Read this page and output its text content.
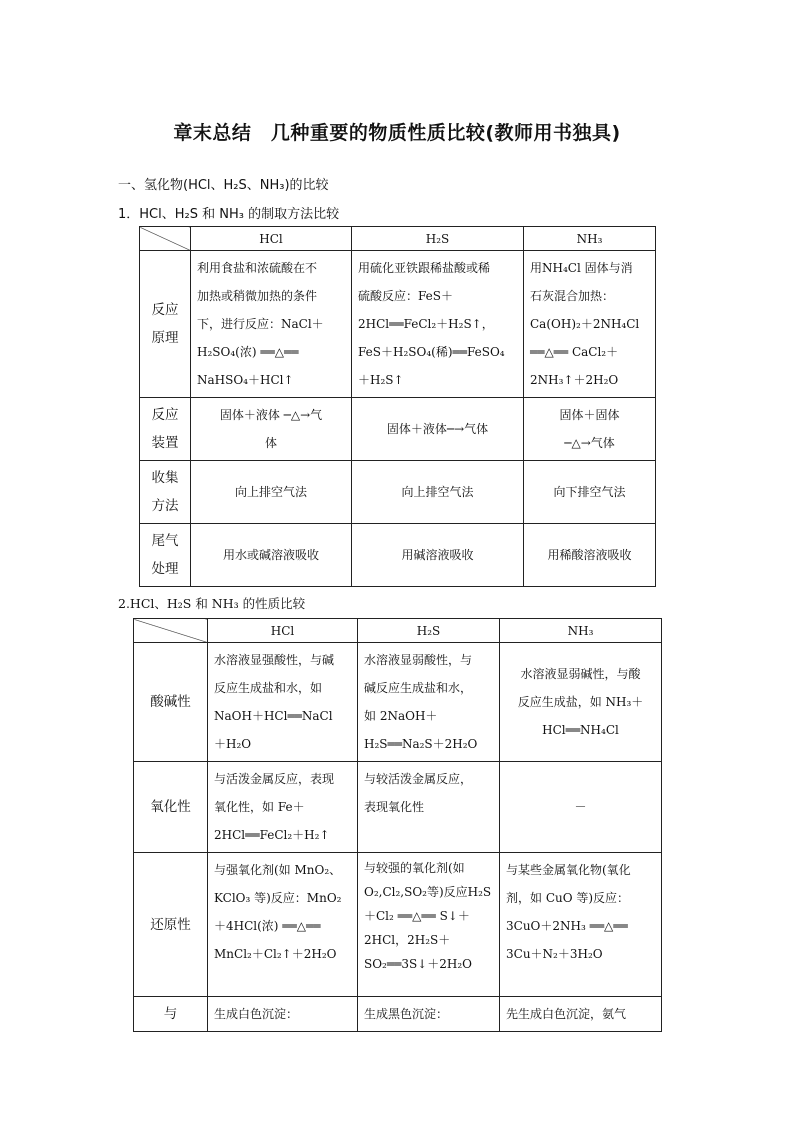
章末总结　几种重要的物质性质比较(教师用书独具)
一、氢化物(HCl、H₂S、NH₃)的比较
1．HCl、H₂S 和 NH₃ 的制取方法比较
	HCl	H₂S	NH₃
反应
原理	利用食盐和浓硫酸在不
加热或稍微加热的条件
下，进行反应：NaCl＋
H₂SO₄(浓) ══△══
NaHSO₄＋HCl↑	用硫化亚铁跟稀盐酸或稀
硫酸反应：FeS＋
2HCl══FeCl₂＋H₂S↑，
FeS＋H₂SO₄(稀)══FeSO₄
＋H₂S↑	用NH₄Cl 固体与消
石灰混合加热：
Ca(OH)₂＋2NH₄Cl
══△══ CaCl₂＋
2NH₃↑＋2H₂O
反应
装置	固体＋液体 ─△→气
体	固体＋液体─→气体	固体＋固体
─△→气体
收集
方法	向上排空气法	向上排空气法	向下排空气法
尾气
处理	用水或碱溶液吸收	用碱溶液吸收	用稀酸溶液吸收
2.HCl、H₂S 和 NH₃ 的性质比较
	HCl	H₂S	NH₃
酸碱性	水溶液显强酸性，与碱
反应生成盐和水，如
NaOH＋HCl══NaCl
＋H₂O	水溶液显弱酸性，与
碱反应生成盐和水，
如 2NaOH＋
H₂S══Na₂S＋2H₂O	水溶液显弱碱性，与酸
反应生成盐，如 NH₃＋
HCl══NH₄Cl
氧化性	与活泼金属反应，表现
氧化性，如 Fe＋
2HCl══FeCl₂＋H₂↑	与较活泼金属反应，
表现氧化性	－
还原性	与强氧化剂(如 MnO₂、
KClO₃ 等)反应：MnO₂
＋4HCl(浓) ══△══
MnCl₂＋Cl₂↑＋2H₂O	与较强的氧化剂(如
O₂,Cl₂,SO₂等)反应H₂S
＋Cl₂ ══△══ S↓＋
2HCl，2H₂S＋
SO₂══3S↓＋2H₂O	与某些金属氧化物(氧化
剂，如 CuO 等)反应：
3CuO＋2NH₃ ══△══
3Cu＋N₂＋3H₂O
与	生成白色沉淀：	生成黑色沉淀：	先生成白色沉淀，氨气
